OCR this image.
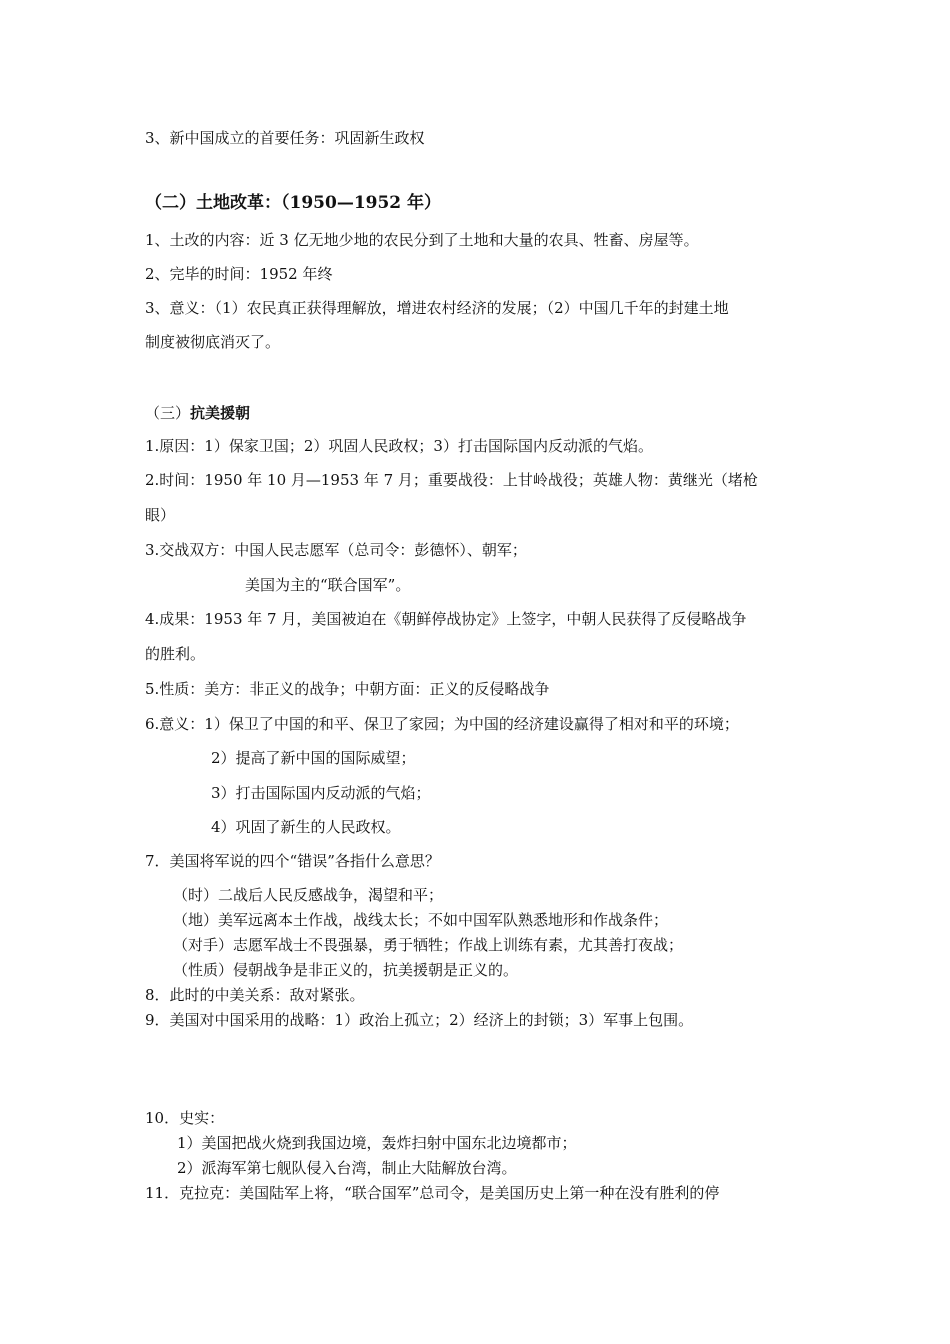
3、新中国成立的首要任务：巩固新生政权
（二）土地改革：（1950—1952 年）
1、土改的内容：近 3 亿无地少地的农民分到了土地和大量的农具、牲畜、房屋等。
2、完毕的时间：1952 年终
3、意义：（1）农民真正获得理解放，增进农村经济的发展；（2）中国几千年的封建土地
制度被彻底消灭了。
（三）抗美援朝
1.原因：1）保家卫国；2）巩固人民政权；3）打击国际国内反动派的气焰。
2.时间：1950 年 10 月—1953 年 7 月；重要战役：上甘岭战役；英雄人物：黄继光（堵枪
眼）
3.交战双方：中国人民志愿军（总司令：彭德怀）、朝军；
美国为主的“联合国军”。
4.成果：1953 年 7 月，美国被迫在《朝鲜停战协定》上签字，中朝人民获得了反侵略战争
的胜利。
5.性质：美方：非正义的战争；中朝方面：正义的反侵略战争
6.意义：1）保卫了中国的和平、保卫了家园；为中国的经济建设赢得了相对和平的环境；
2）提高了新中国的国际威望；
3）打击国际国内反动派的气焰；
4）巩固了新生的人民政权。
7．美国将军说的四个“错误”各指什么意思？
（时）二战后人民反感战争，渴望和平；
（地）美军远离本土作战，战线太长；不如中国军队熟悉地形和作战条件；
（对手）志愿军战士不畏强暴，勇于牺牲；作战上训练有素，尤其善打夜战；
（性质）侵朝战争是非正义的，抗美援朝是正义的。
8．此时的中美关系：敌对紧张。
9．美国对中国采用的战略：1）政治上孤立；2）经济上的封锁；3）军事上包围。
10．史实：
1）美国把战火烧到我国边境，轰炸扫射中国东北边境都市；
2）派海军第七舰队侵入台湾，制止大陆解放台湾。
11．克拉克：美国陆军上将，“联合国军”总司令，是美国历史上第一种在没有胜利的停
